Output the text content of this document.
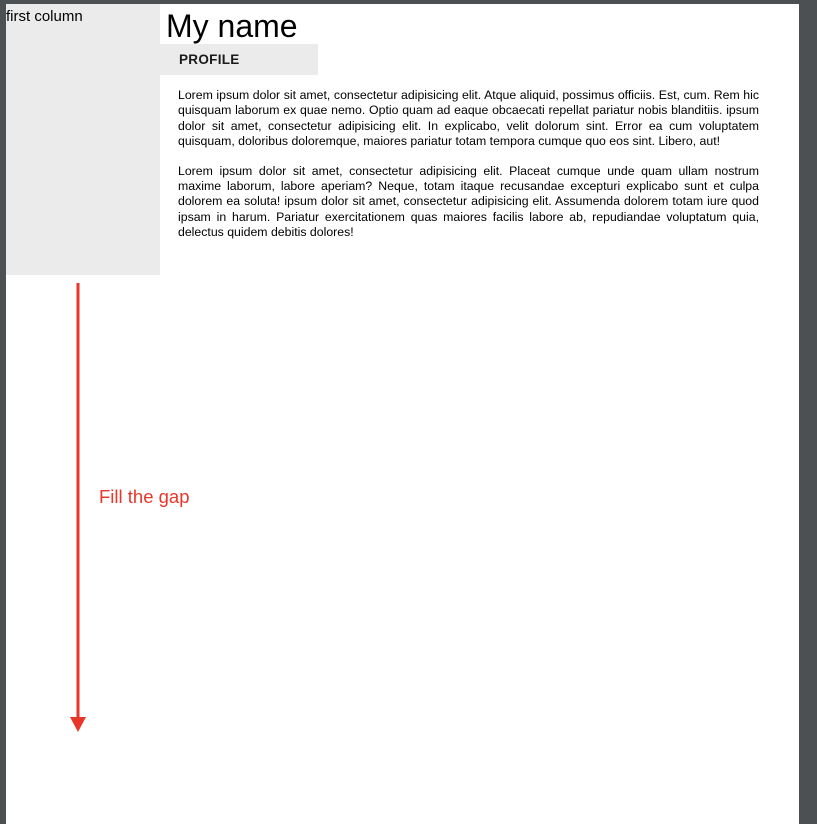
first column	My name
PROFILE

Lorem ipsum dolor sit amet, consectetur adipisicing elit. Atque aliquid, possimus officiis. Est, cum. Rem hic quisquam laborum ex quae nemo. Optio quam ad eaque obcaecati repellat pariatur nobis blanditiis. ipsum dolor sit amet, consectetur adipisicing elit. In explicabo, velit dolorum sint. Error ea cum voluptatem quisquam, doloribus doloremque, maiores pariatur totam tempora cumque quo eos sint. Libero, aut!

Lorem ipsum dolor sit amet, consectetur adipisicing elit. Placeat cumque unde quam ullam nostrum maxime laborum, labore aperiam? Neque, totam itaque recusandae excepturi explicabo sunt et culpa dolorem ea soluta! ipsum dolor sit amet, consectetur adipisicing elit. Assumenda dolorem totam iure quod ipsam in harum. Pariatur exercitationem quas maiores facilis labore ab, repudiandae voluptatum quia, delectus quidem debitis dolores!

Fill the gap
